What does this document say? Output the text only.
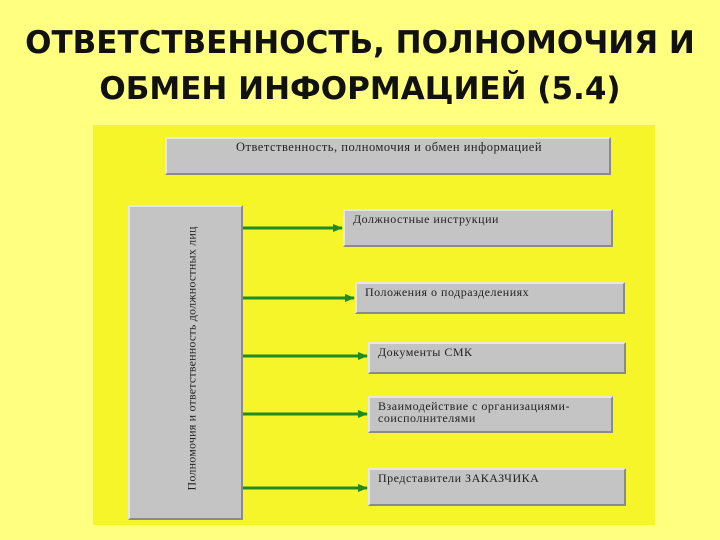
ОТВЕТСТВЕННОСТЬ, ПОЛНОМОЧИЯ И ОБМЕН ИНФОРМАЦИЕЙ (5.4)
Ответственность, полномочия и обмен информацией
Полномочия и ответственность должностных лиц
Должностные инструкции
Положения о подразделениях
Документы СМК
Взаимодействие с организациями-соисполнителями
Представители ЗАКАЗЧИКА
